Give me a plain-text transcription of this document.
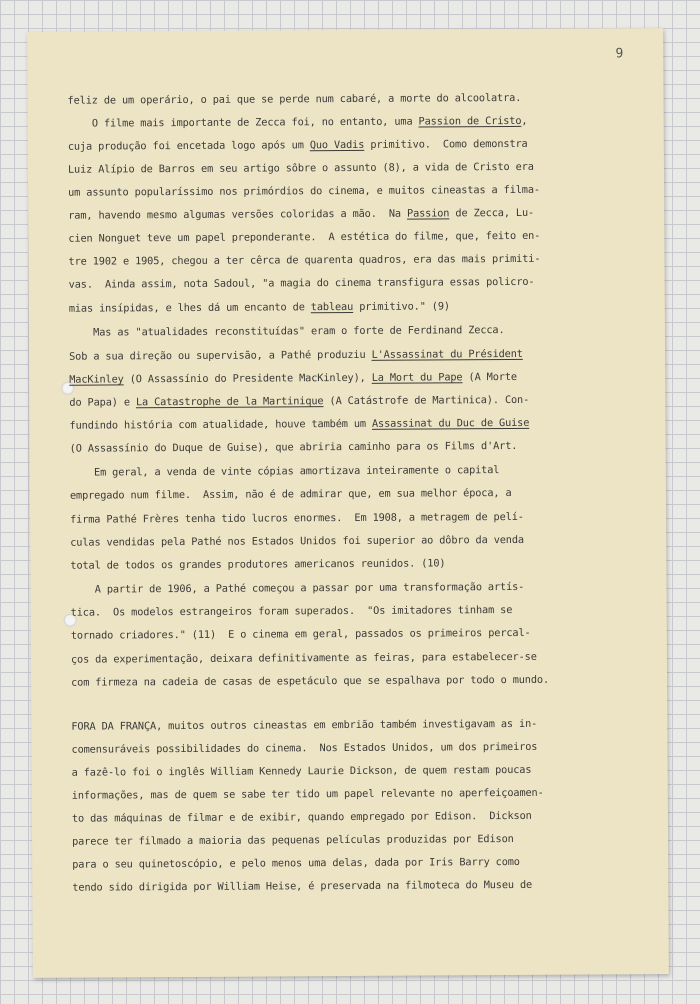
9
feliz de um operário, o pai que se perde num cabaré, a morte do alcoolatra.
O filme mais importante de Zecca foi, no entanto, uma Passion de Cristo,
cuja produção foi encetada logo após um Quo Vadis primitivo.  Como demonstra
Luiz Alípio de Barros em seu artigo sôbre o assunto (8), a vida de Cristo era
um assunto popularíssimo nos primórdios do cinema, e muitos cineastas a filma-
ram, havendo mesmo algumas versões coloridas a mão.  Na Passion de Zecca, Lu-
cien Nonguet teve um papel preponderante.  A estética do filme, que, feito en-
tre 1902 e 1905, chegou a ter cêrca de quarenta quadros, era das mais primiti-
vas.  Ainda assim, nota Sadoul, "a magia do cinema transfigura essas policro-
mias insípidas, e lhes dá um encanto de tableau primitivo." (9)
Mas as "atualidades reconstituídas" eram o forte de Ferdinand Zecca.
Sob a sua direção ou supervisão, a Pathé produziu L'Assassinat du Président
MacKinley (O Assassínio do Presidente MacKinley), La Mort du Pape (A Morte
do Papa) e La Catastrophe de la Martinique (A Catástrofe de Martinica). Con-
fundindo história com atualidade, houve também um Assassinat du Duc de Guise
(O Assassínio do Duque de Guise), que abriria caminho para os Films d'Art.
Em geral, a venda de vinte cópias amortizava inteiramente o capital
empregado num filme.  Assim, não é de admirar que, em sua melhor época, a
firma Pathé Frères tenha tido lucros enormes.  Em 1908, a metragem de pelí-
culas vendidas pela Pathé nos Estados Unidos foi superior ao dôbro da venda
total de todos os grandes produtores americanos reunidos. (10)
A partir de 1906, a Pathé começou a passar por uma transformação artís-
tica.  Os modelos estrangeiros foram superados.  "Os imitadores tinham se
tornado criadores." (11)  E o cinema em geral, passados os primeiros percal-
ços da experimentação, deixara definitivamente as feiras, para estabelecer-se
com firmeza na cadeia de casas de espetáculo que se espalhava por todo o mundo.
FORA DA FRANÇA, muitos outros cineastas em embrião também investigavam as in-
comensuráveis possibilidades do cinema.  Nos Estados Unidos, um dos primeiros
a fazê-lo foi o inglês William Kennedy Laurie Dickson, de quem restam poucas
informações, mas de quem se sabe ter tido um papel relevante no aperfeiçoamen-
to das máquinas de filmar e de exibir, quando empregado por Edison.  Dickson
parece ter filmado a maioria das pequenas películas produzidas por Edison
para o seu quinetoscópio, e pelo menos uma delas, dada por Iris Barry como
tendo sido dirigida por William Heise, é preservada na filmoteca do Museu de
